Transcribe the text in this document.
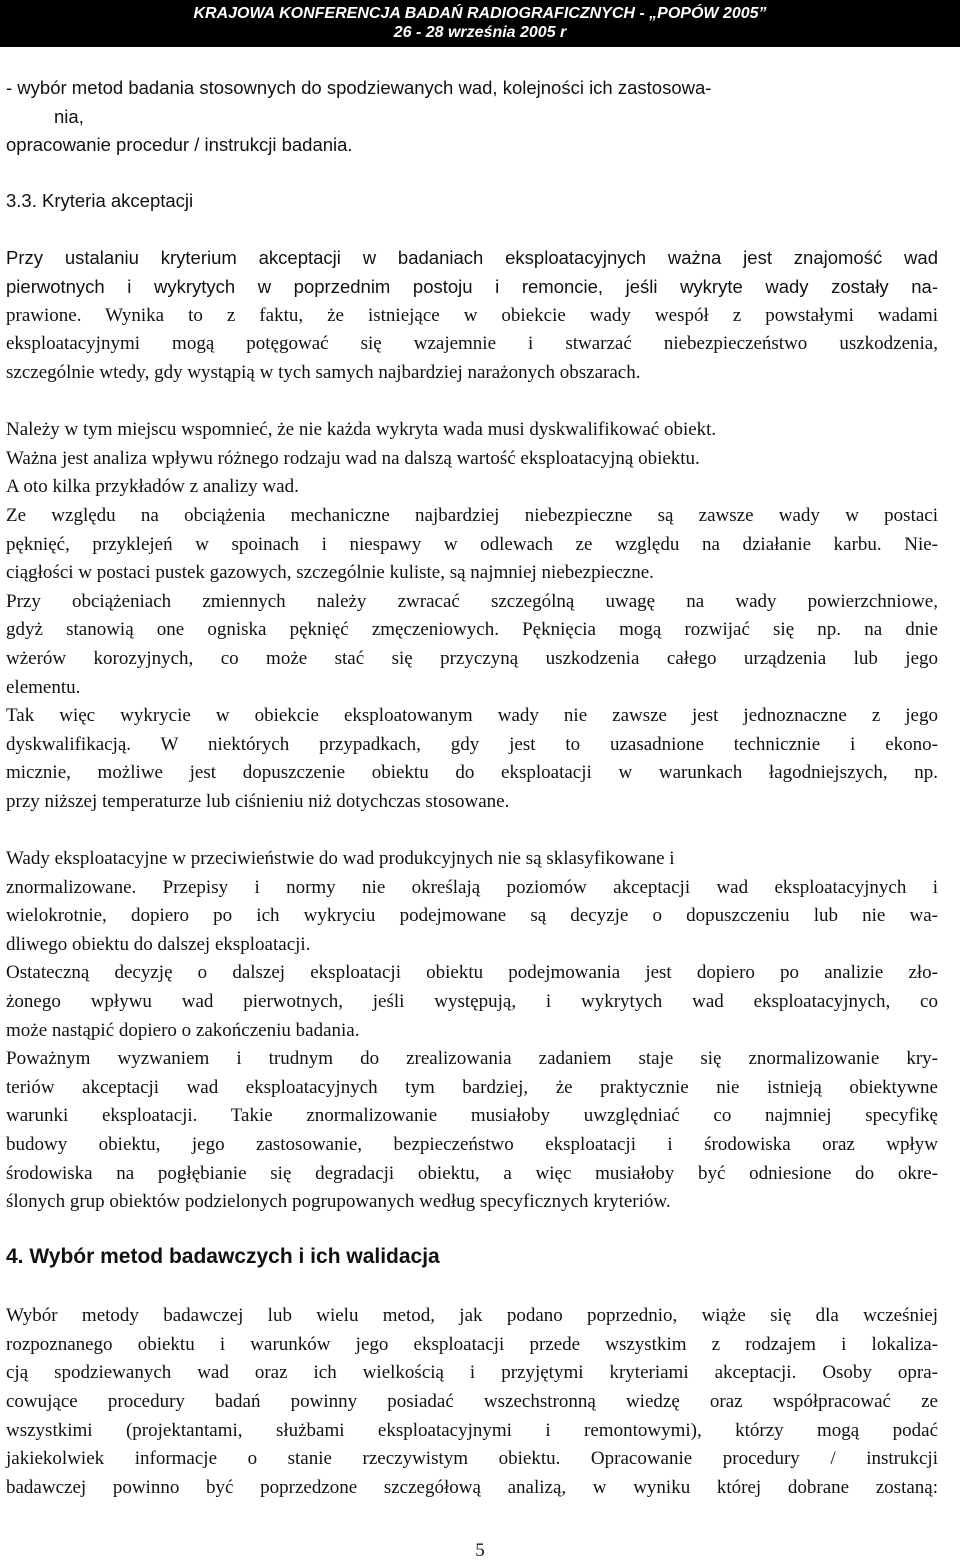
KRAJOWA KONFERENCJA BADAŃ RADIOGRAFICZNYCH - „POPÓW 2005”
26 - 28 września 2005 r
- wybór metod badania stosownych do spodziewanych wad, kolejności ich zastosowa-
nia,
opracowanie procedur / instrukcji badania.
3.3. Kryteria akceptacji
Przy ustalaniu kryterium akceptacji w badaniach eksploatacyjnych ważna jest znajomość wad
pierwotnych i wykrytych w poprzednim postoju i remoncie, jeśli wykryte wady zostały na-
prawione. Wynika to z faktu, że istniejące w obiekcie wady wespół z powstałymi wadami
eksploatacyjnymi mogą potęgować się wzajemnie i stwarzać niebezpieczeństwo uszkodzenia,
szczególnie wtedy, gdy wystąpią w tych samych najbardziej narażonych obszarach.
Należy w tym miejscu wspomnieć, że nie każda wykryta wada musi dyskwalifikować obiekt.
Ważna jest analiza wpływu różnego rodzaju wad na dalszą wartość eksploatacyjną obiektu.
A oto kilka przykładów z analizy wad.
Ze względu na obciążenia mechaniczne najbardziej niebezpieczne są zawsze wady w postaci
pęknięć, przyklejeń w spoinach i niespawy w odlewach ze względu na działanie karbu. Nie-
ciągłości w postaci pustek gazowych, szczególnie kuliste, są najmniej niebezpieczne.
Przy obciążeniach zmiennych należy zwracać szczególną uwagę na wady powierzchniowe,
gdyż stanowią one ogniska pęknięć zmęczeniowych. Pęknięcia mogą rozwijać się np. na dnie
wżerów korozyjnych, co może stać się przyczyną uszkodzenia całego urządzenia lub jego
elementu.
Tak więc wykrycie w obiekcie eksploatowanym wady nie zawsze jest jednoznaczne z jego
dyskwalifikacją. W niektórych przypadkach, gdy jest to uzasadnione technicznie i ekono-
micznie, możliwe jest dopuszczenie obiektu do eksploatacji w warunkach łagodniejszych, np.
przy niższej temperaturze lub ciśnieniu niż dotychczas stosowane.
Wady eksploatacyjne w przeciwieństwie do wad produkcyjnych nie są sklasyfikowane i
znormalizowane. Przepisy i normy nie określają poziomów akceptacji wad eksploatacyjnych i
wielokrotnie, dopiero po ich wykryciu podejmowane są decyzje o dopuszczeniu lub nie wa-
dliwego obiektu do dalszej eksploatacji.
Ostateczną decyzję o dalszej eksploatacji obiektu podejmowania jest dopiero po analizie zło-
żonego wpływu wad pierwotnych, jeśli występują, i wykrytych wad eksploatacyjnych, co
może nastąpić dopiero o zakończeniu badania.
Poważnym wyzwaniem i trudnym do zrealizowania zadaniem staje się znormalizowanie kry-
teriów akceptacji wad eksploatacyjnych tym bardziej, że praktycznie nie istnieją obiektywne
warunki eksploatacji. Takie znormalizowanie musiałoby uwzględniać co najmniej specyfikę
budowy obiektu, jego zastosowanie, bezpieczeństwo eksploatacji i środowiska oraz wpływ
środowiska na pogłębianie się degradacji obiektu, a więc musiałoby być odniesione do okre-
ślonych grup obiektów podzielonych pogrupowanych według specyficznych kryteriów.
4. Wybór metod badawczych i ich walidacja
Wybór metody badawczej lub wielu metod, jak podano poprzednio, wiąże się dla wcześniej
rozpoznanego obiektu i warunków jego eksploatacji przede wszystkim z rodzajem i lokaliza-
cją spodziewanych wad oraz ich wielkością i przyjętymi kryteriami akceptacji. Osoby opra-
cowujące procedury badań powinny posiadać wszechstronną wiedzę oraz współpracować ze
wszystkimi (projektantami, służbami eksploatacyjnymi i remontowymi), którzy mogą podać
jakiekolwiek informacje o stanie rzeczywistym obiektu. Opracowanie procedury / instrukcji
badawczej powinno być poprzedzone szczegółową analizą, w wyniku której dobrane zostaną:
5
